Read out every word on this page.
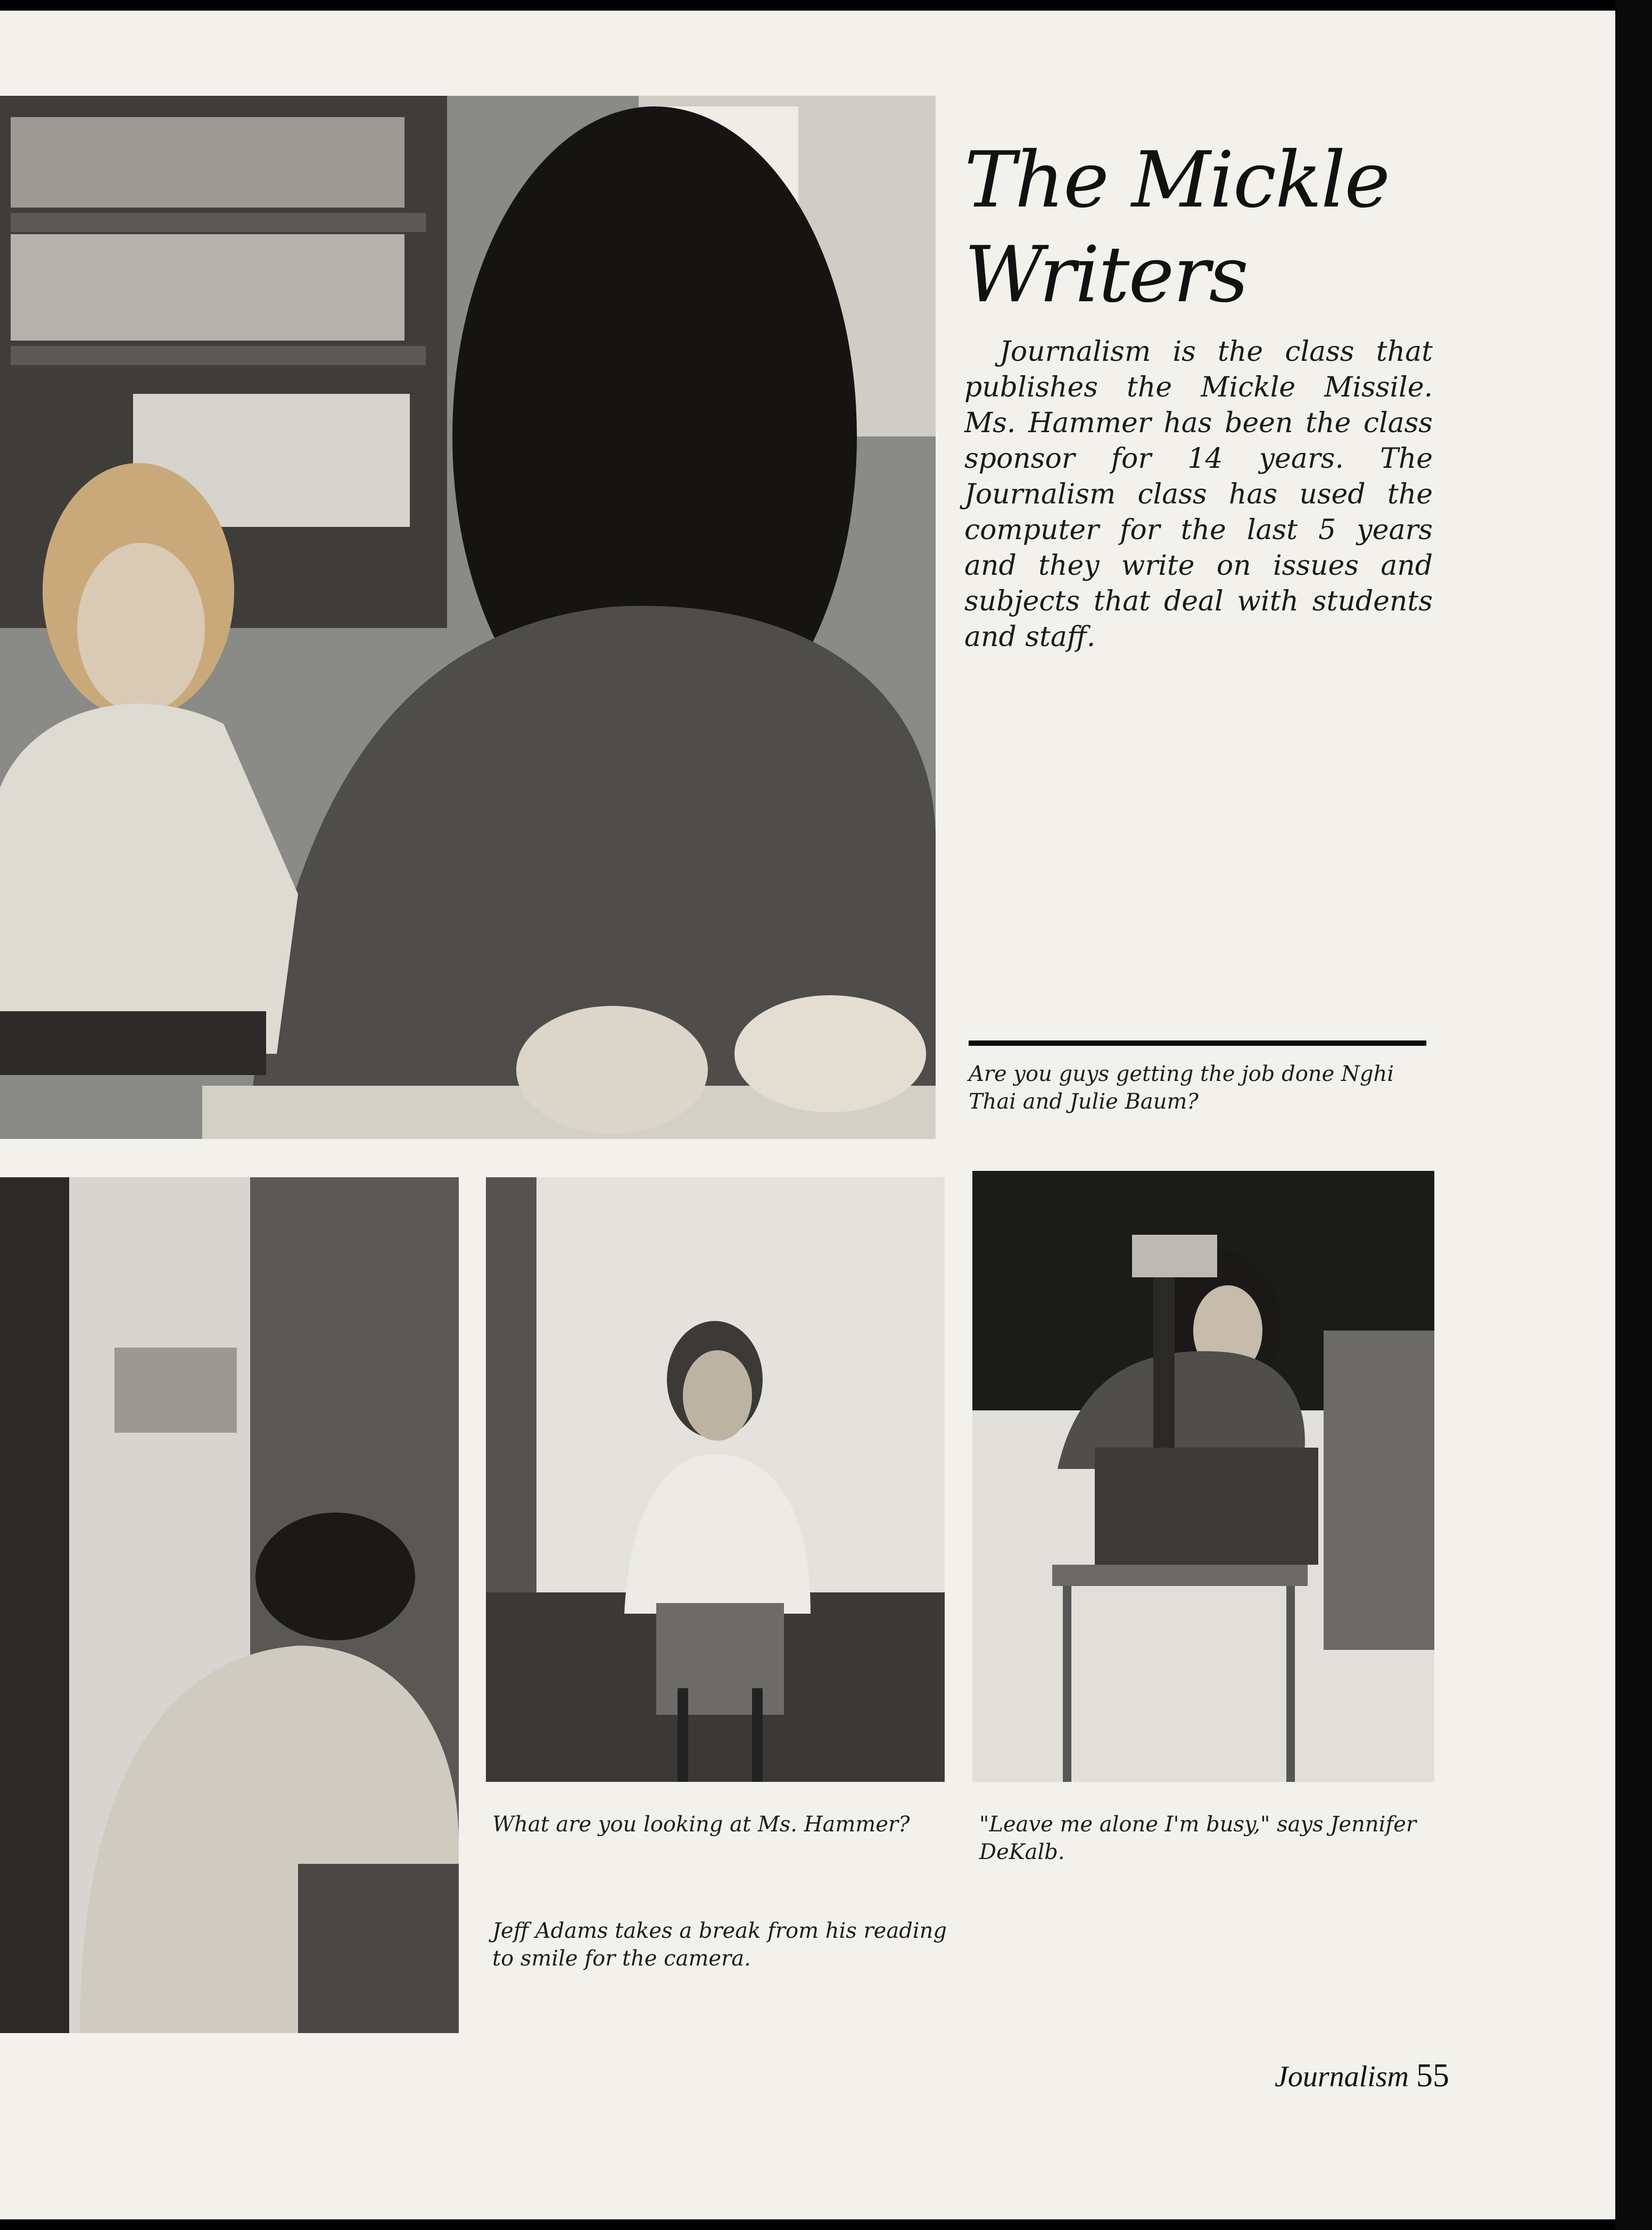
The Mickle
Writers

Journalism is the class that publishes the Mickle Missile. Ms. Hammer has been the class sponsor for 14 years. The Journalism class has used the computer for the last 5 years and they write on issues and subjects that deal with students and staff.

Are you guys getting the job done Nghi Thai and Julie Baum?

What are you looking at Ms. Hammer?

Jeff Adams takes a break from his reading to smile for the camera.

"Leave me alone I'm busy," says Jennifer DeKalb.

Journalism 55
